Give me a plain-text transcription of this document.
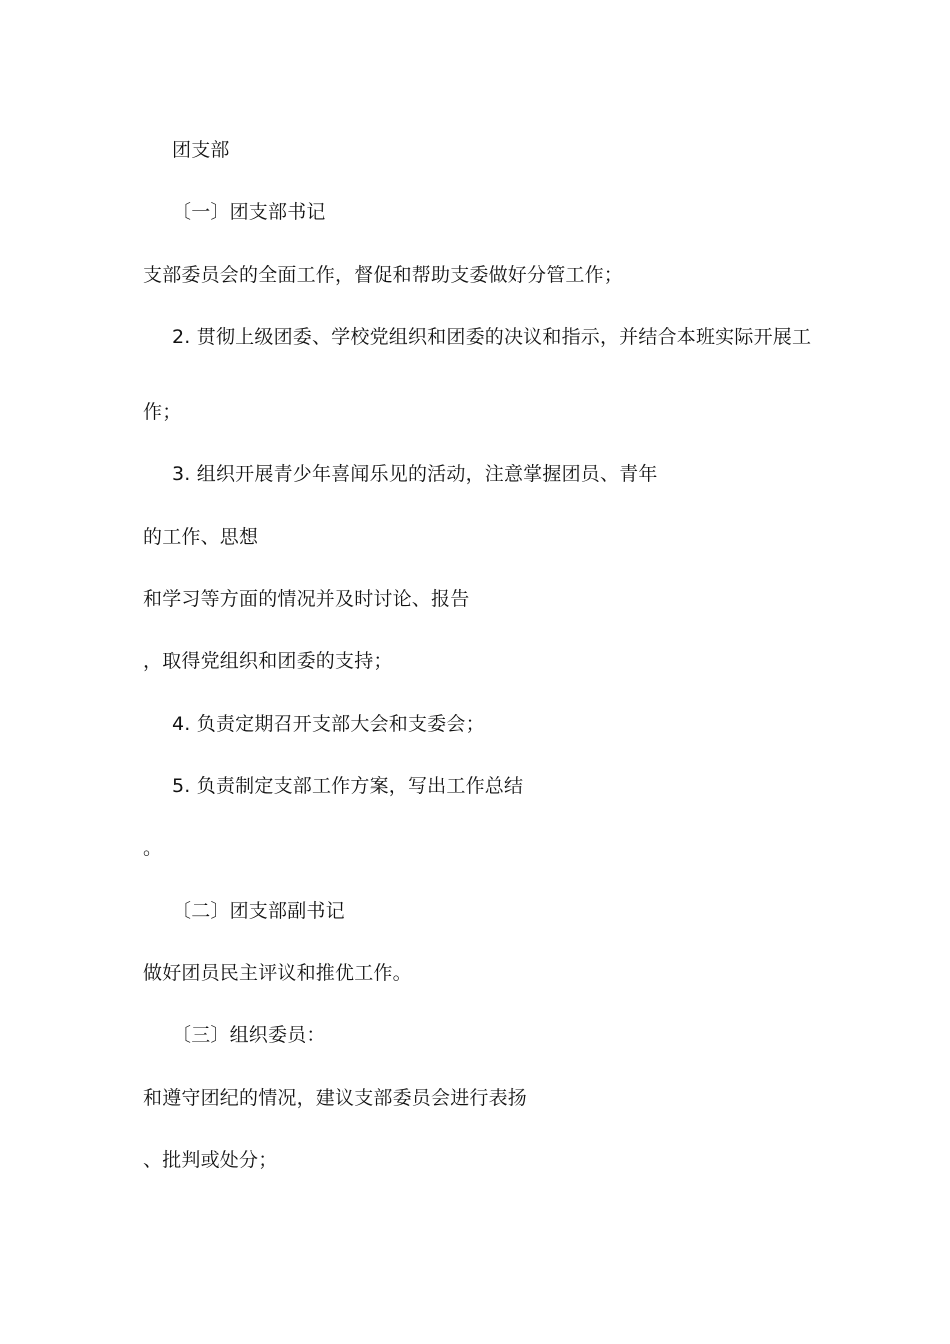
团支部
〔一〕团支部书记
支部委员会的全面工作，督促和帮助支委做好分管工作；
2. 贯彻上级团委、学校党组织和团委的决议和指示，并结合本班实际开展工
作；
3. 组织开展青少年喜闻乐见的活动，注意掌握团员、青年
的工作、思想
和学习等方面的情况并及时讨论、报告
，取得党组织和团委的支持；
4. 负责定期召开支部大会和支委会；
5. 负责制定支部工作方案，写出工作总结
。
〔二〕团支部副书记
做好团员民主评议和推优工作。
〔三〕组织委员：
和遵守团纪的情况，建议支部委员会进行表扬
、批判或处分；
